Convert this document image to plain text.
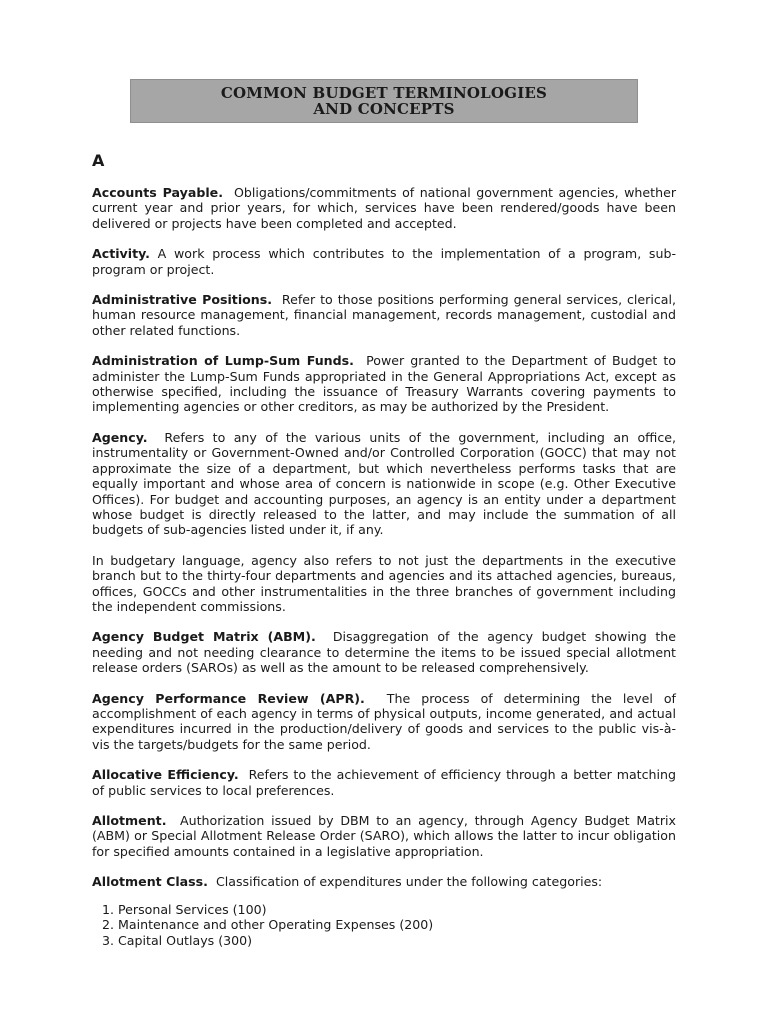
COMMON BUDGET TERMINOLOGIES
AND CONCEPTS
A

Accounts Payable. Obligations/commitments of national government agencies, whether current year and prior years, for which, services have been rendered/goods have been delivered or projects have been completed and accepted.

Activity. A work process which contributes to the implementation of a program, sub-program or project.

Administrative Positions. Refer to those positions performing general services, clerical, human resource management, financial management, records management, custodial and other related functions.

Administration of Lump-Sum Funds. Power granted to the Department of Budget to administer the Lump-Sum Funds appropriated in the General Appropriations Act, except as otherwise specified, including the issuance of Treasury Warrants covering payments to implementing agencies or other creditors, as may be authorized by the President.

Agency. Refers to any of the various units of the government, including an office, instrumentality or Government-Owned and/or Controlled Corporation (GOCC) that may not approximate the size of a department, but which nevertheless performs tasks that are equally important and whose area of concern is nationwide in scope (e.g. Other Executive Offices). For budget and accounting purposes, an agency is an entity under a department whose budget is directly released to the latter, and may include the summation of all budgets of sub-agencies listed under it, if any.

In budgetary language, agency also refers to not just the departments in the executive branch but to the thirty-four departments and agencies and its attached agencies, bureaus, offices, GOCCs and other instrumentalities in the three branches of government including the independent commissions.

Agency Budget Matrix (ABM). Disaggregation of the agency budget showing the needing and not needing clearance to determine the items to be issued special allotment release orders (SAROs) as well as the amount to be released comprehensively.

Agency Performance Review (APR). The process of determining the level of accomplishment of each agency in terms of physical outputs, income generated, and actual expenditures incurred in the production/delivery of goods and services to the public vis-à-vis the targets/budgets for the same period.

Allocative Efficiency. Refers to the achievement of efficiency through a better matching of public services to local preferences.

Allotment. Authorization issued by DBM to an agency, through Agency Budget Matrix (ABM) or Special Allotment Release Order (SARO), which allows the latter to incur obligation for specified amounts contained in a legislative appropriation.

Allotment Class. Classification of expenditures under the following categories:

1. Personal Services (100)
2. Maintenance and other Operating Expenses (200)
3. Capital Outlays (300)
